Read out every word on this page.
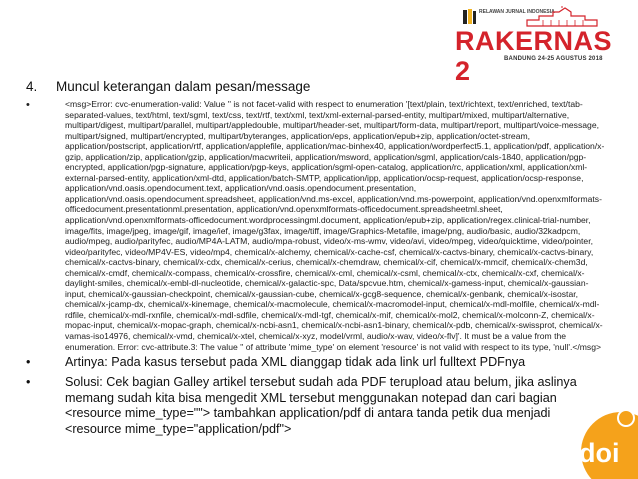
RELAWAN JURNAL INDONESIA
RAKERNAS 2	BANDUNG 24-25 AGUSTUS 2018
4. Muncul keterangan dalam pesan/message
•	<msg>Error: cvc-enumeration-valid: Value '' is not facet-valid with respect to enumeration '[text/plain, text/richtext, text/enriched, text/tab-separated-values, text/html, text/sgml, text/css, text/rtf, text/xml, text/xml-external-parsed-entity, multipart/mixed, multipart/alternative, multipart/digest, multipart/parallel, multipart/appledouble, multipart/header-set, multipart/form-data, multipart/report, multipart/voice-message, multipart/signed, multipart/encrypted, multipart/byteranges, application/eps, application/epub+zip, application/octet-stream, application/postscript, application/rtf, application/applefile, application/mac-binhex40, application/wordperfect5.1, application/pdf, application/x-gzip, application/zip, application/gzip, application/macwriteii, application/msword, application/sgml, application/cals-1840, application/pgp-encrypted, application/pgp-signature, application/pgp-keys, application/sgml-open-catalog, application/rc, application/xml, application/xml-external-parsed-entity, application/xml-dtd, application/batch-SMTP, application/ipp, application/ocsp-request, application/ocsp-response, application/vnd.oasis.opendocument.text, application/vnd.oasis.opendocument.presentation, application/vnd.oasis.opendocument.spreadsheet, application/vnd.ms-excel, application/vnd.ms-powerpoint, application/vnd.openxmlformats-officedocument.presentationml.presentation, application/vnd.openxmlformats-officedocument.spreadsheetml.sheet, application/vnd.openxmlformats-officedocument.wordprocessingml.document, application/epub+zip, application/regex.clinical-trial-number, image/fits, image/jpeg, image/gif, image/ief, image/g3fax, image/tiff, image/Graphics-Metafile, image/png, audio/basic, audio/32kadpcm, audio/mpeg, audio/parityfec, audio/MP4A-LATM, audio/mpa-robust, video/x-ms-wmv, video/avi, video/mpeg, video/quicktime, video/pointer, video/parityfec, video/MP4V-ES, video/mp4, chemical/x-alchemy, chemical/x-cache-csf, chemical/x-cactvs-binary, chemical/x-cactvs-binary, chemical/x-cactvs-binary, chemical/x-cdx, chemical/x-cerius, chemical/x-chemdraw, chemical/x-cif, chemical/x-mmcif, chemical/x-chem3d, chemical/x-cmdf, chemical/x-compass, chemical/x-crossfire, chemical/x-cml, chemical/x-csml, chemical/x-ctx, chemical/x-cxf, chemical/x-daylight-smiles, chemical/x-embl-dl-nucleotide, chemical/x-galactic-spc, Data/spcvue.htm, chemical/x-gamess-input, chemical/x-gaussian-input, chemical/x-gaussian-checkpoint, chemical/x-gaussian-cube, chemical/x-gcg8-sequence, chemical/x-genbank, chemical/x-isostar, chemical/x-jcamp-dx, chemical/x-kinemage, chemical/x-macmolecule, chemical/x-macromodel-input, chemical/x-mdl-molfile, chemical/x-mdl-rdfile, chemical/x-mdl-rxnfile, chemical/x-mdl-sdfile, chemical/x-mdl-tgf, chemical/x-mif, chemical/x-mol2, chemical/x-molconn-Z, chemical/x-mopac-input, chemical/x-mopac-graph, chemical/x-ncbi-asn1, chemical/x-ncbi-asn1-binary, chemical/x-pdb, chemical/x-swissprot, chemical/x-vamas-iso14976, chemical/x-vmd, chemical/x-xtel, chemical/x-xyz, model/vrml, audio/x-wav, video/x-flv]'. It must be a value from the enumeration. Error: cvc-attribute.3: The value '' of attribute 'mime_type' on element 'resource' is not valid with respect to its type, 'null'.</msg>
•	Artinya: Pada kasus tersebut pada XML dianggap tidak ada link url fulltext PDFnya
•	Solusi: Cek bagian Galley artikel tersebut sudah ada PDF terupload atau belum, jika aslinya memang sudah kita bisa mengedit XML tersebut menggunakan notepad dan cari bagian <resource mime_type=""> tambahkan application/pdf di antara tanda petik dua menjadi <resource mime_type="application/pdf">
doi
